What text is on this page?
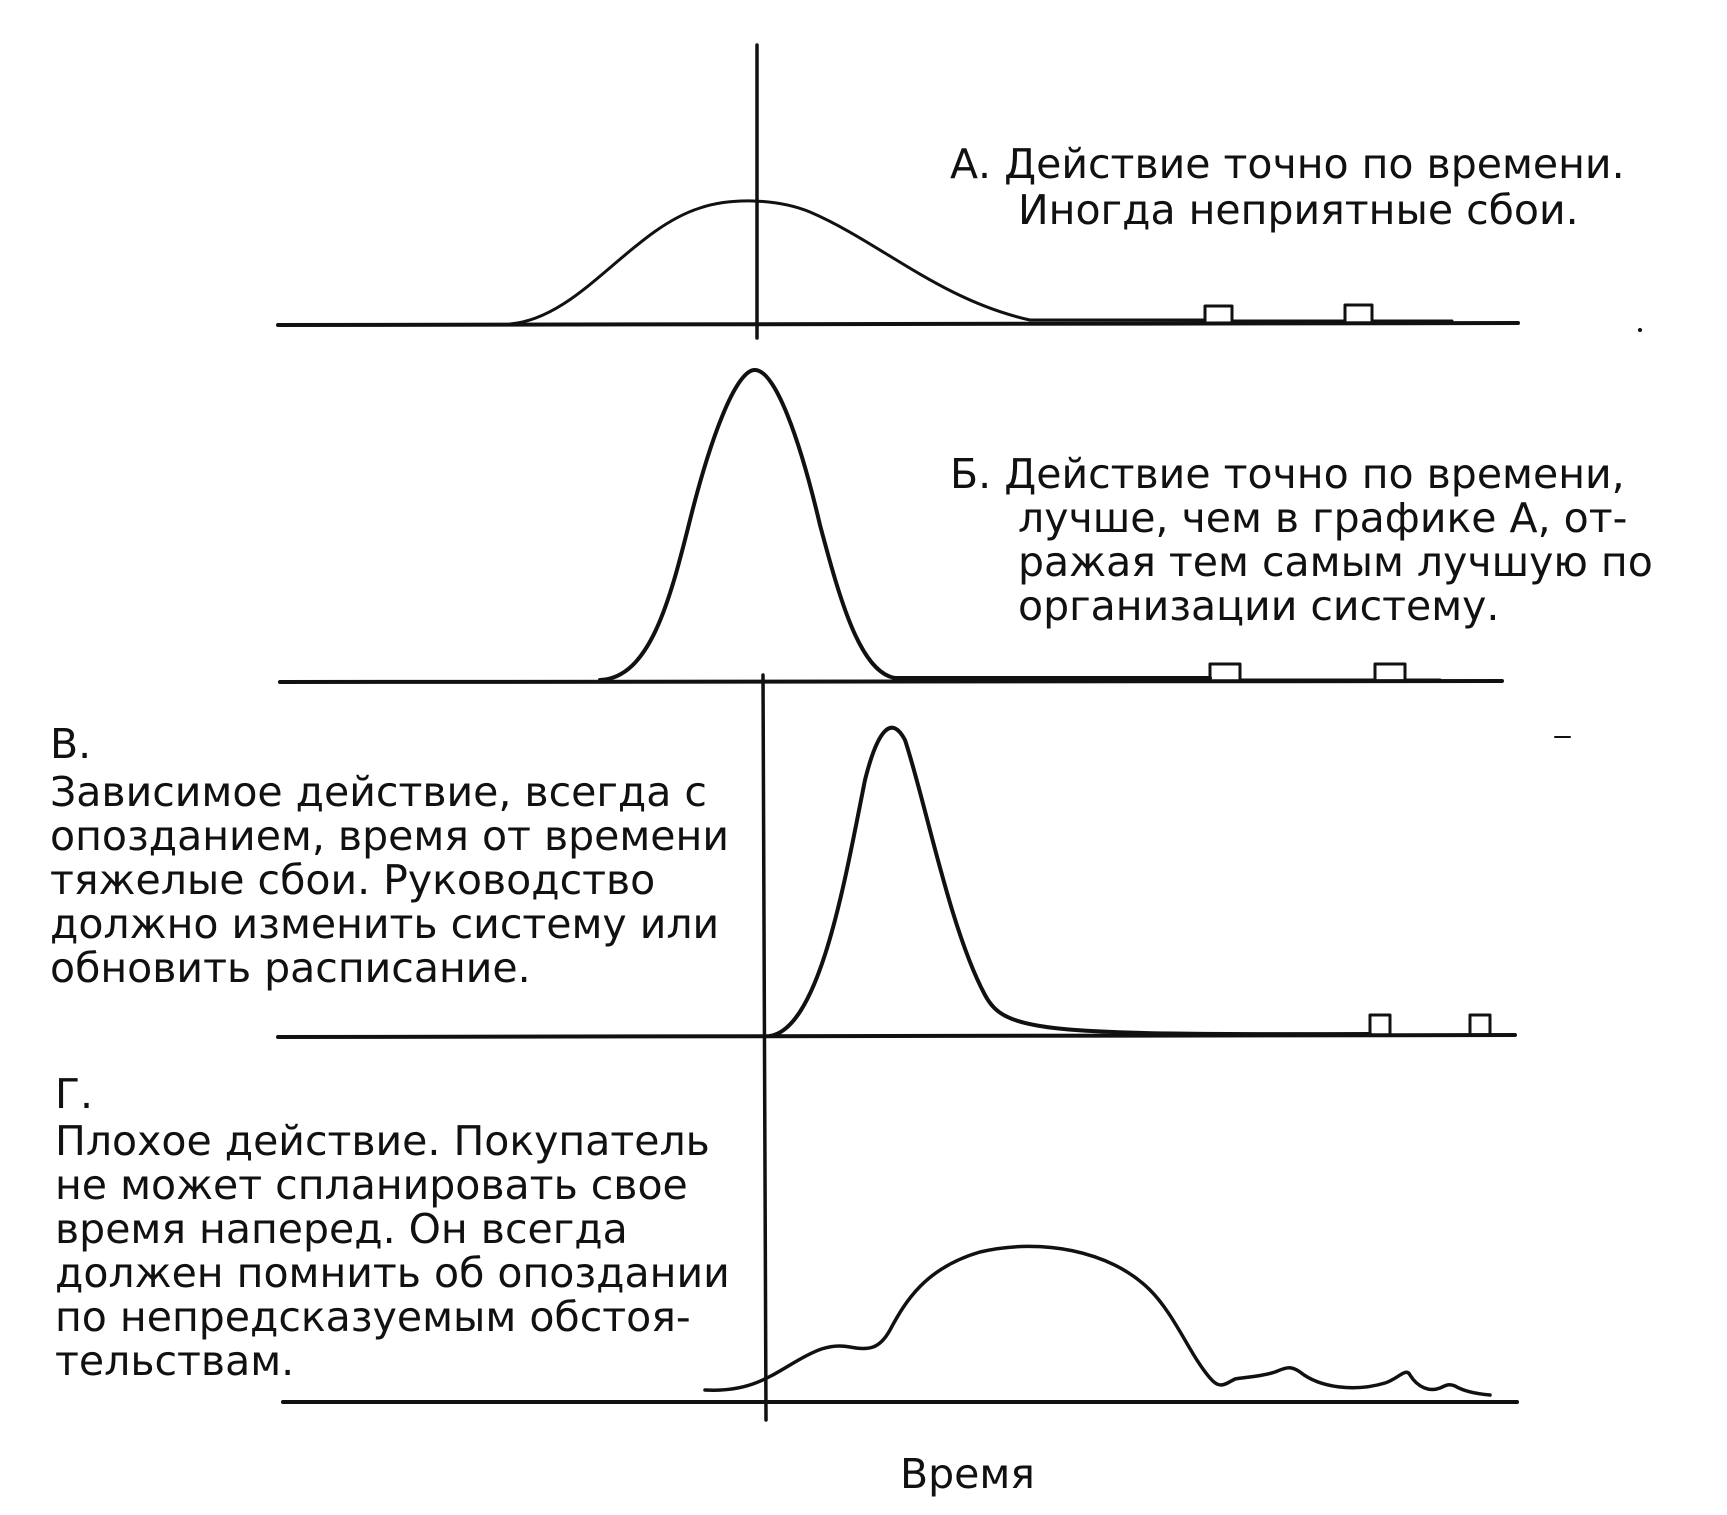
А. Действие точно по времени.
Иногда неприятные сбои.
Б. Действие точно по времени,
лучше, чем в графике А, от-
ражая тем самым лучшую по
организации систему.
В.
Зависимое действие, всегда с
опозданием, время от времени
тяжелые сбои. Руководство
должно изменить систему или
обновить расписание.
Г.
Плохое действие. Покупатель
не может спланировать свое
время наперед. Он всегда
должен помнить об опоздании
по непредсказуемым обстоя-
тельствам.
Время
